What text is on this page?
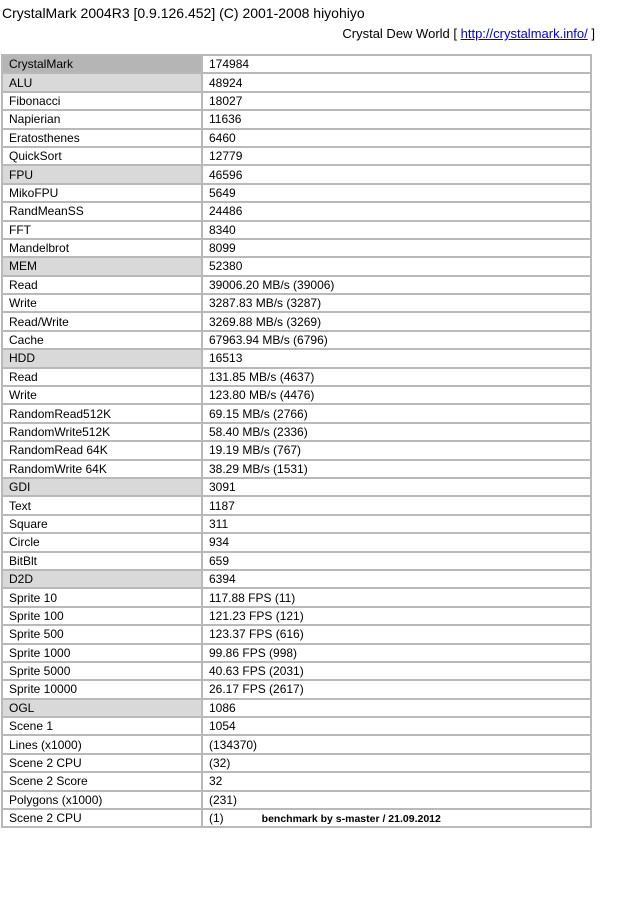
CrystalMark 2004R3 [0.9.126.452] (C) 2001-2008 hiyohiyo
Crystal Dew World [ http://crystalmark.info/ ]
CrystalMark	174984
ALU	48924
Fibonacci	18027
Napierian	11636
Eratosthenes	6460
QuickSort	12779
FPU	46596
MikoFPU	5649
RandMeanSS	24486
FFT	8340
Mandelbrot	8099
MEM	52380
Read	39006.20 MB/s (39006)
Write	3287.83 MB/s (3287)
Read/Write	3269.88 MB/s (3269)
Cache	67963.94 MB/s (6796)
HDD	16513
Read	131.85 MB/s (4637)
Write	123.80 MB/s (4476)
RandomRead512K	69.15 MB/s (2766)
RandomWrite512K	58.40 MB/s (2336)
RandomRead 64K	19.19 MB/s (767)
RandomWrite 64K	38.29 MB/s (1531)
GDI	3091
Text	1187
Square	311
Circle	934
BitBlt	659
D2D	6394
Sprite 10	117.88 FPS (11)
Sprite 100	121.23 FPS (121)
Sprite 500	123.37 FPS (616)
Sprite 1000	99.86 FPS (998)
Sprite 5000	40.63 FPS (2031)
Sprite 10000	26.17 FPS (2617)
OGL	1086
Scene 1	1054
Lines (x1000)	(134370)
Scene 2 CPU	(32)
Scene 2 Score	32
Polygons (x1000)	(231)
Scene 2 CPU	(1) benchmark by s-master / 21.09.2012
